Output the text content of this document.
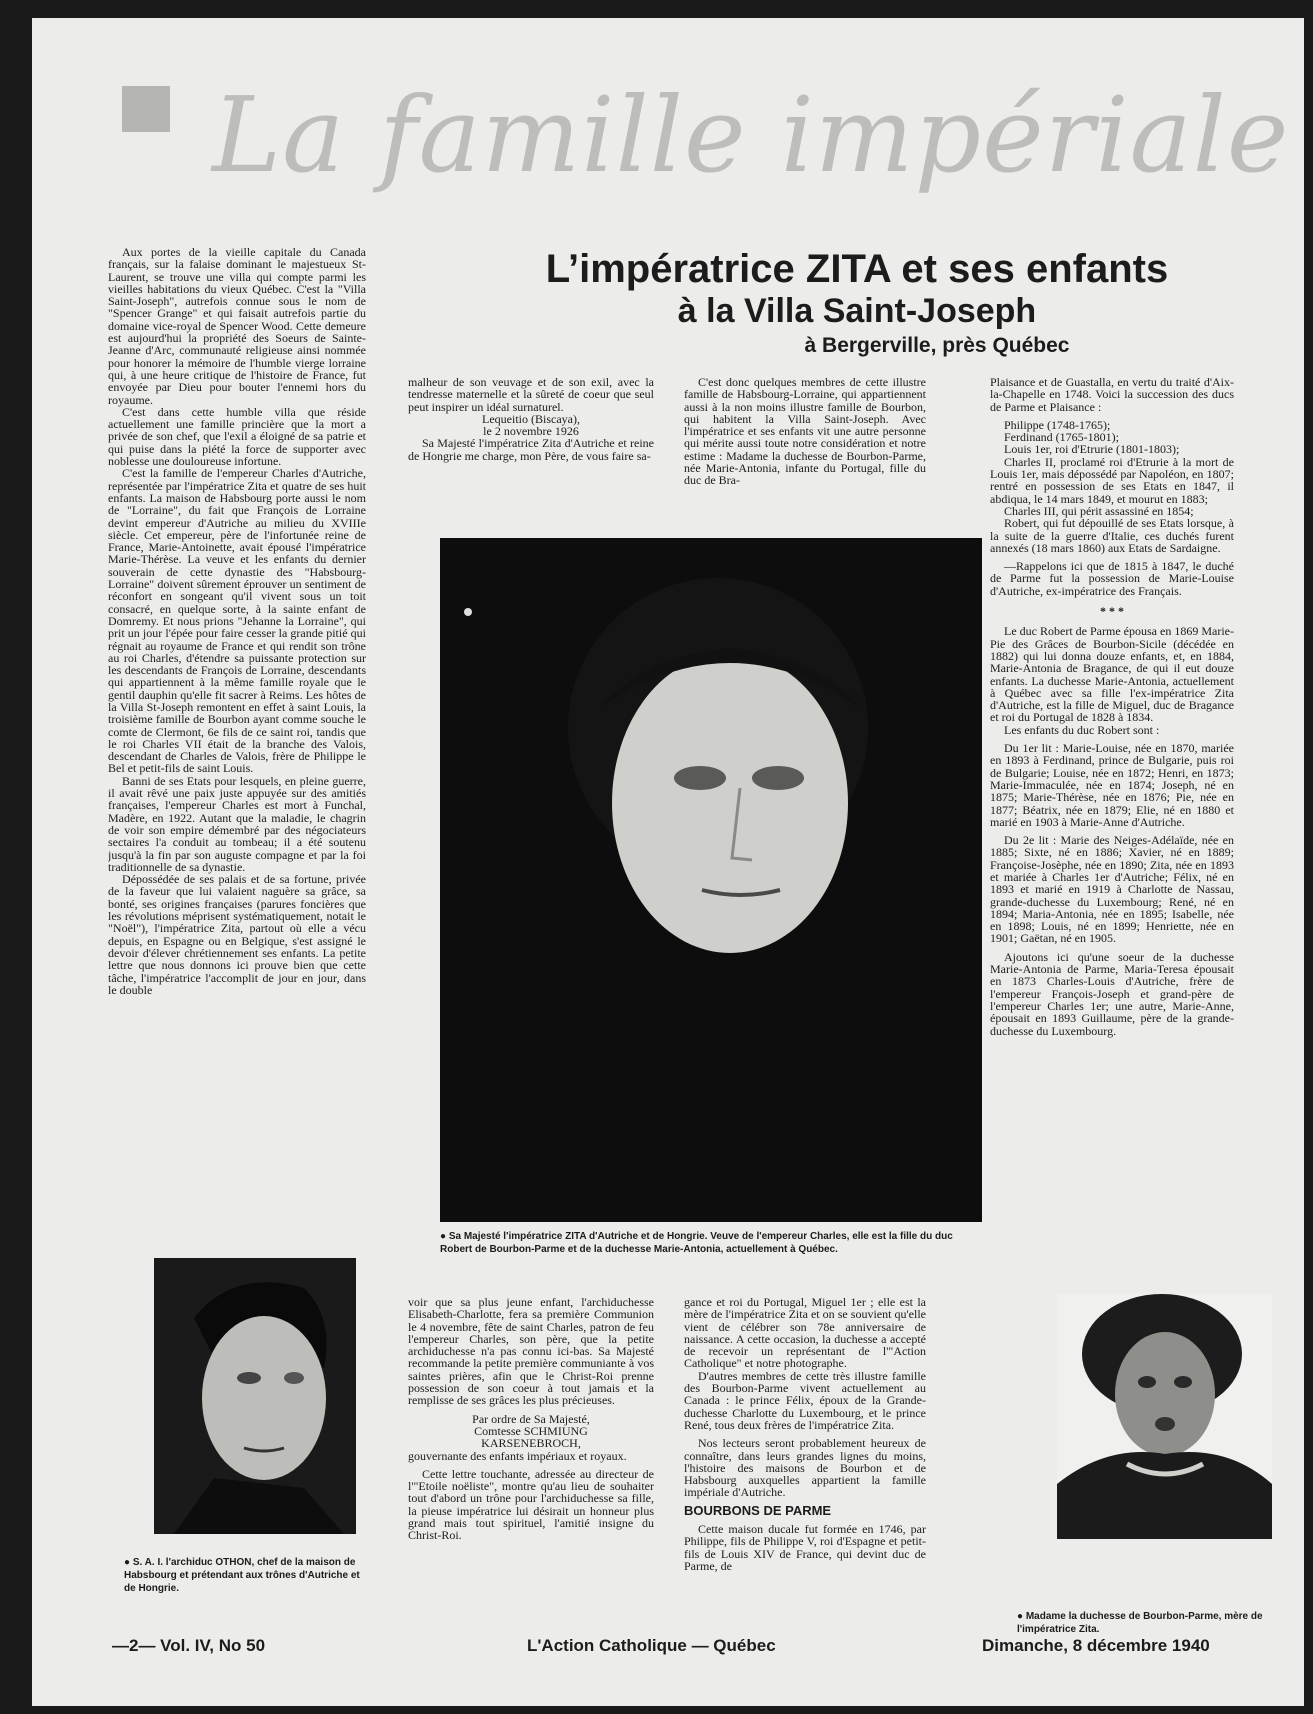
La famille impériale
L’impératrice ZITA et ses enfants
à la Villa Saint-Joseph
à Bergerville, près Québec

Aux portes de la vieille capitale du Canada français, sur la falaise dominant le majestueux St-Laurent, se trouve une villa qui compte parmi les vieilles habitations du vieux Québec. C'est la "Villa Saint-Joseph", autrefois connue sous le nom de "Spencer Grange" et qui faisait autrefois partie du domaine vice-royal de Spencer Wood. Cette demeure est aujourd'hui la propriété des Soeurs de Sainte-Jeanne d'Arc, communauté religieuse ainsi nommée pour honorer la mémoire de l'humble vierge lorraine qui, à une heure critique de l'histoire de France, fut envoyée par Dieu pour bouter l'ennemi hors du royaume.

C'est dans cette humble villa que réside actuellement une famille princière que la mort a privée de son chef, que l'exil a éloigné de sa patrie et qui puise dans la piété la force de supporter avec noblesse une douloureuse infortune.

C'est la famille de l'empereur Charles d'Autriche, représentée par l'impératrice Zita et quatre de ses huit enfants. La maison de Habsbourg porte aussi le nom de "Lorraine", du fait que François de Lorraine devint empereur d'Autriche au milieu du XVIIIe siècle. Cet empereur, père de l'infortunée reine de France, Marie-Antoinette, avait épousé l'impératrice Marie-Thérèse. La veuve et les enfants du dernier souverain de cette dynastie des "Habsbourg-Lorraine" doivent sûrement éprouver un sentiment de réconfort en songeant qu'il vivent sous un toit consacré, en quelque sorte, à la sainte enfant de Domremy. Et nous prions "Jehanne la Lorraine", qui prit un jour l'épée pour faire cesser la grande pitié qui régnait au royaume de France et qui rendit son trône au roi Charles, d'étendre sa puissante protection sur les descendants de François de Lorraine, descendants qui appartiennent à la même famille royale que le gentil dauphin qu'elle fit sacrer à Reims. Les hôtes de la Villa St-Joseph remontent en effet à saint Louis, la troisième famille de Bourbon ayant comme souche le comte de Clermont, 6e fils de ce saint roi, tandis que le roi Charles VII était de la branche des Valois, descendant de Charles de Valois, frère de Philippe le Bel et petit-fils de saint Louis.

Banni de ses Etats pour lesquels, en pleine guerre, il avait rêvé une paix juste appuyée sur des amitiés françaises, l'empereur Charles est mort à Funchal, Madère, en 1922. Autant que la maladie, le chagrin de voir son empire démembré par des négociateurs sectaires l'a conduit au tombeau; il a été soutenu jusqu'à la fin par son auguste compagne et par la foi traditionnelle de sa dynastie.

Dépossédée de ses palais et de sa fortune, privée de la faveur que lui valaient naguère sa grâce, sa bonté, ses origines françaises (parures foncières que les révolutions méprisent systématiquement, notait le "Noël"), l'impératrice Zita, partout où elle a vécu depuis, en Espagne ou en Belgique, s'est assigné le devoir d'élever chrétiennement ses enfants. La petite lettre que nous donnons ici prouve bien que cette tâche, l'impératrice l'accomplit de jour en jour, dans le double

malheur de son veuvage et de son exil, avec la tendresse maternelle et la sûreté de coeur que seul peut inspirer un idéal surnaturel.

Lequeitio (Biscaya),

le 2 novembre 1926

Sa Majesté l'impératrice Zita d'Autriche et reine de Hongrie me charge, mon Père, de vous faire sa-

C'est donc quelques membres de cette illustre famille de Habsbourg-Lorraine, qui appartiennent aussi à la non moins illustre famille de Bourbon, qui habitent la Villa Saint-Joseph. Avec l'impératrice et ses enfants vit une autre personne qui mérite aussi toute notre considération et notre estime : Madame la duchesse de Bourbon-Parme, née Marie-Antonia, infante du Portugal, fille du duc de Bra-

Plaisance et de Guastalla, en vertu du traité d'Aix-la-Chapelle en 1748. Voici la succession des ducs de Parme et Plaisance :

Philippe (1748-1765);

Ferdinand (1765-1801);

Louis 1er, roi d'Etrurie (1801-1803);

Charles II, proclamé roi d'Etrurie à la mort de Louis 1er, mais dépossédé par Napoléon, en 1807; rentré en possession de ses Etats en 1847, il abdiqua, le 14 mars 1849, et mourut en 1883;

Charles III, qui périt assassiné en 1854;

Robert, qui fut dépouillé de ses Etats lorsque, à la suite de la guerre d'Italie, ces duchés furent annexés (18 mars 1860) aux Etats de Sardaigne.

—Rappelons ici que de 1815 à 1847, le duché de Parme fut la possession de Marie-Louise d'Autriche, ex-impératrice des Français.

* * *

Le duc Robert de Parme épousa en 1869 Marie-Pie des Grâces de Bourbon-Sicile (décédée en 1882) qui lui donna douze enfants, et, en 1884, Marie-Antonia de Bragance, de qui il eut douze enfants. La duchesse Marie-Antonia, actuellement à Québec avec sa fille l'ex-impératrice Zita d'Autriche, est la fille de Miguel, duc de Bragance et roi du Portugal de 1828 à 1834.

Les enfants du duc Robert sont :

Du 1er lit : Marie-Louise, née en 1870, mariée en 1893 à Ferdinand, prince de Bulgarie, puis roi de Bulgarie; Louise, née en 1872; Henri, en 1873; Marie-Immaculée, née en 1874; Joseph, né en 1875; Marie-Thérèse, née en 1876; Pie, née en 1877; Béatrix, née en 1879; Elie, né en 1880 et marié en 1903 à Marie-Anne d'Autriche.

Du 2e lit : Marie des Neiges-Adélaïde, née en 1885; Sixte, né en 1886; Xavier, né en 1889; Françoise-Josèphe, née en 1890; Zita, née en 1893 et mariée à Charles 1er d'Autriche; Félix, né en 1893 et marié en 1919 à Charlotte de Nassau, grande-duchesse du Luxembourg; René, né en 1894; Maria-Antonia, née en 1895; Isabelle, née en 1898; Louis, né en 1899; Henriette, née en 1901; Gaëtan, né en 1905.

Ajoutons ici qu'une soeur de la duchesse Marie-Antonia de Parme, Maria-Teresa épousait en 1873 Charles-Louis d'Autriche, frère de l'empereur François-Joseph et grand-père de l'empereur Charles 1er; une autre, Marie-Anne, épousait en 1893 Guillaume, père de la grande-duchesse du Luxembourg.

● Sa Majesté l'impératrice ZITA d'Autriche et de Hongrie. Veuve de l'empereur Charles, elle est la fille du duc Robert de Bourbon-Parme et de la duchesse Marie-Antonia, actuellement à Québec.

voir que sa plus jeune enfant, l'archiduchesse Elisabeth-Charlotte, fera sa première Communion le 4 novembre, fête de saint Charles, patron de feu l'empereur Charles, son père, que la petite archiduchesse n'a pas connu ici-bas. Sa Majesté recommande la petite première communiante à vos saintes prières, afin que le Christ-Roi prenne possession de son coeur à tout jamais et la remplisse de ses grâces les plus précieuses.

Par ordre de Sa Majesté,

Comtesse SCHMIUNG

KARSENEBROCH,

gouvernante des enfants impériaux et royaux.

Cette lettre touchante, adressée au directeur de l'"Etoile noëliste", montre qu'au lieu de souhaiter tout d'abord un trône pour l'archiduchesse sa fille, la pieuse impératrice lui désirait un honneur plus grand mais tout spirituel, l'amitié insigne du Christ-Roi.

gance et roi du Portugal, Miguel 1er ; elle est la mère de l'impératrice Zita et on se souvient qu'elle vient de célébrer son 78e anniversaire de naissance. A cette occasion, la duchesse a accepté de recevoir un représentant de l'"Action Catholique" et notre photographe.

D'autres membres de cette très illustre famille des Bourbon-Parme vivent actuellement au Canada : le prince Félix, époux de la Grande-duchesse Charlotte du Luxembourg, et le prince René, tous deux frères de l'impératrice Zita.

Nos lecteurs seront probablement heureux de connaître, dans leurs grandes lignes du moins, l'histoire des maisons de Bourbon et de Habsbourg auxquelles appartient la famille impériale d'Autriche.

BOURBONS DE PARME

Cette maison ducale fut formée en 1746, par Philippe, fils de Philippe V, roi d'Espagne et petit-fils de Louis XIV de France, qui devint duc de Parme, de

● S. A. I. l'archiduc OTHON, chef de la maison de Habsbourg et prétendant aux trônes d'Autriche et de Hongrie.
● Madame la duchesse de Bourbon-Parme, mère de l'impératrice Zita.
—2— Vol. IV, No 50	L'Action Catholique — Québec	Dimanche, 8 décembre 1940
